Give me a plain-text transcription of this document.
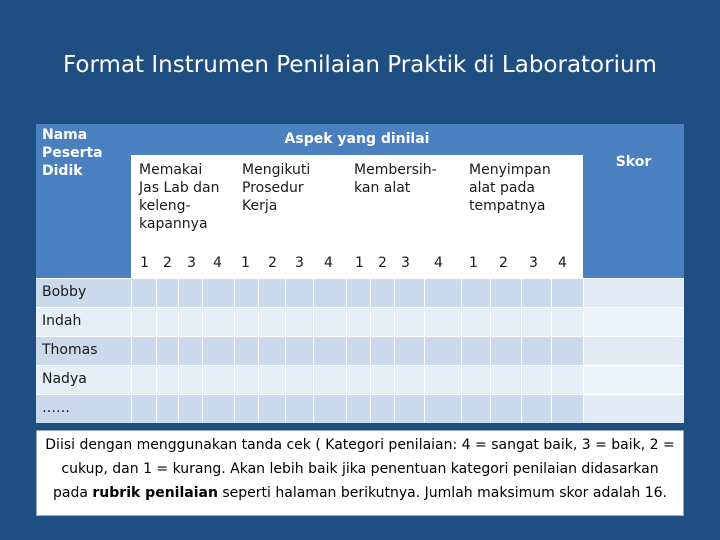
Format Instrumen Penilaian Praktik di Laboratorium
Nama Peserta Didik
Aspek yang dinilai
Skor
Memakai Jas Lab dan keleng-kapannya
Mengikuti Prosedur Kerja
Membersih-kan alat
Menyimpan alat pada tempatnya
1 2 3 4 1 2 3 4 1 2 3 4 1 2 3 4
Bobby
Indah
Thomas
Nadya
……
Diisi dengan menggunakan tanda cek ( Kategori penilaian: 4 = sangat baik, 3 = baik, 2 = cukup, dan 1 = kurang. Akan lebih baik jika penentuan kategori penilaian didasarkan pada rubrik penilaian seperti halaman berikutnya. Jumlah maksimum skor adalah 16.
